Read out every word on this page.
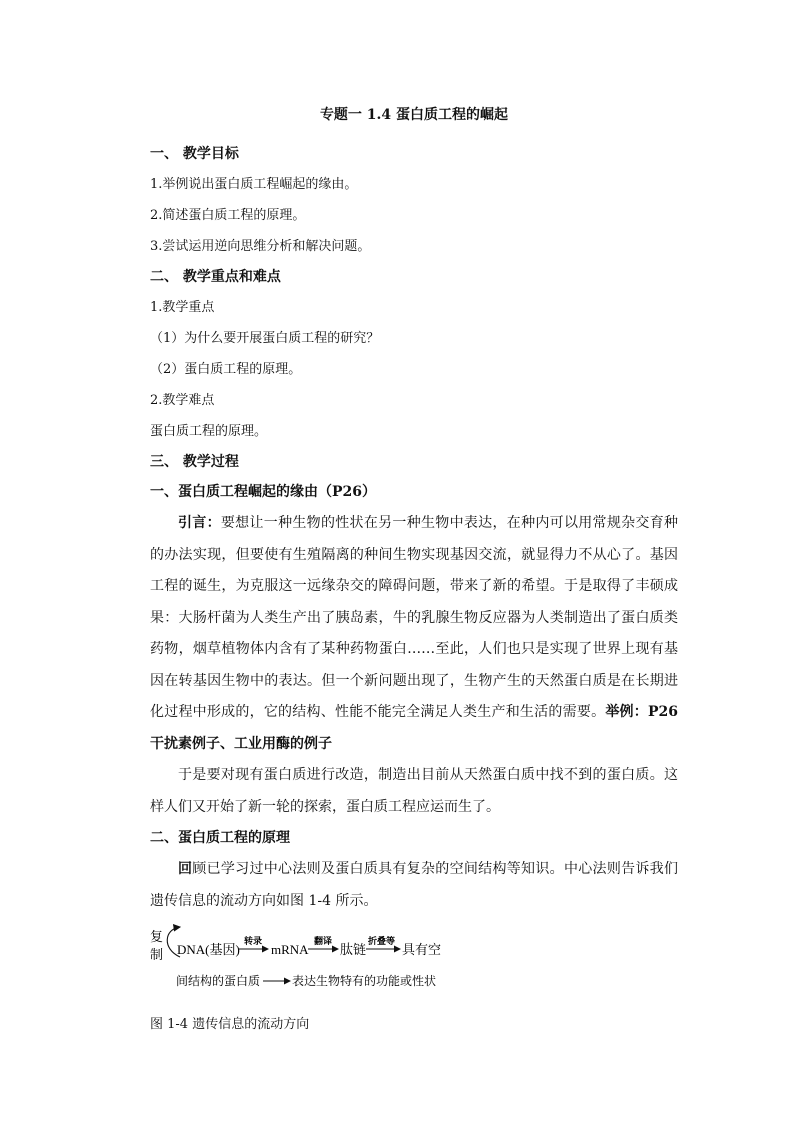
专题一 1.4 蛋白质工程的崛起
一、 教学目标
1.举例说出蛋白质工程崛起的缘由。
2.简述蛋白质工程的原理。
3.尝试运用逆向思维分析和解决问题。
二、 教学重点和难点
1.教学重点
（1）为什么要开展蛋白质工程的研究？
（2）蛋白质工程的原理。
2.教学难点
蛋白质工程的原理。
三、 教学过程
一、蛋白质工程崛起的缘由（P26）

引言：要想让一种生物的性状在另一种生物中表达，在种内可以用常规杂交育种的办法实现，但要使有生殖隔离的种间生物实现基因交流，就显得力不从心了。基因工程的诞生，为克服这一远缘杂交的障碍问题，带来了新的希望。于是取得了丰硕成果：大肠杆菌为人类生产出了胰岛素，牛的乳腺生物反应器为人类制造出了蛋白质类药物，烟草植物体内含有了某种药物蛋白……至此，人们也只是实现了世界上现有基因在转基因生物中的表达。但一个新问题出现了，生物产生的天然蛋白质是在长期进化过程中形成的，它的结构、性能不能完全满足人类生产和生活的需要。举例：P26 干扰素例子、工业用酶的例子

于是要对现有蛋白质进行改造，制造出目前从天然蛋白质中找不到的蛋白质。这样人们又开始了新一轮的探索，蛋白质工程应运而生了。

二、蛋白质工程的原理

回顾已学习过中心法则及蛋白质具有复杂的空间结构等知识。中心法则告诉我们遗传信息的流动方向如图 1-4 所示。

复
制 DNA(基因)
转录
mRNA
翻译
肽链
折叠等
具有空
间结构的蛋白质	表达生物特有的功能或性状
图 1-4 遗传信息的流动方向
